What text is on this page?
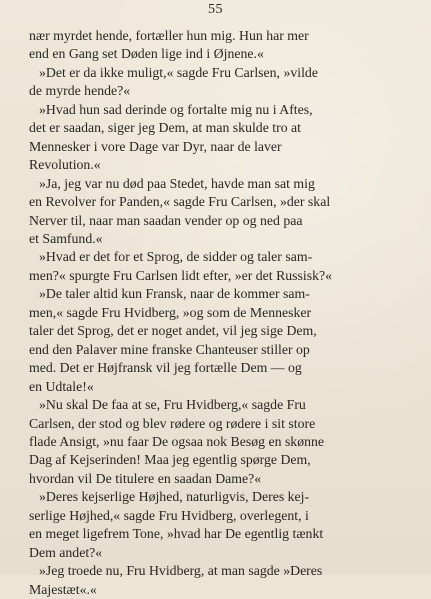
55
nær myrdet hende, fortæller hun mig. Hun har mer
end en Gang set Døden lige ind i Øjnene.«
»Det er da ikke muligt,« sagde Fru Carlsen, »vilde
de myrde hende?«
»Hvad hun sad derinde og fortalte mig nu i Aftes,
det er saadan, siger jeg Dem, at man skulde tro at
Mennesker i vore Dage var Dyr, naar de laver
Revolution.«
»Ja, jeg var nu død paa Stedet, havde man sat mig
en Revolver for Panden,« sagde Fru Carlsen, »der skal
Nerver til, naar man saadan vender op og ned paa
et Samfund.«
»Hvad er det for et Sprog, de sidder og taler sam-
men?« spurgte Fru Carlsen lidt efter, »er det Russisk?«
»De taler altid kun Fransk, naar de kommer sam-
men,« sagde Fru Hvidberg, »og som de Mennesker
taler det Sprog, det er noget andet, vil jeg sige Dem,
end den Palaver mine franske Chanteuser stiller op
med. Det er Højfransk vil jeg fortælle Dem — og
en Udtale!«
»Nu skal De faa at se, Fru Hvidberg,« sagde Fru
Carlsen, der stod og blev rødere og rødere i sit store
flade Ansigt, »nu faar De ogsaa nok Besøg en skønne
Dag af Kejserinden! Maa jeg egentlig spørge Dem,
hvordan vil De titulere en saadan Dame?«
»Deres kejserlige Højhed, naturligvis, Deres kej-
serlige Højhed,« sagde Fru Hvidberg, overlegent, i
en meget ligefrem Tone, »hvad har De egentlig tænkt
Dem andet?«
»Jeg troede nu, Fru Hvidberg, at man sagde »Deres
Majestæt«.«
